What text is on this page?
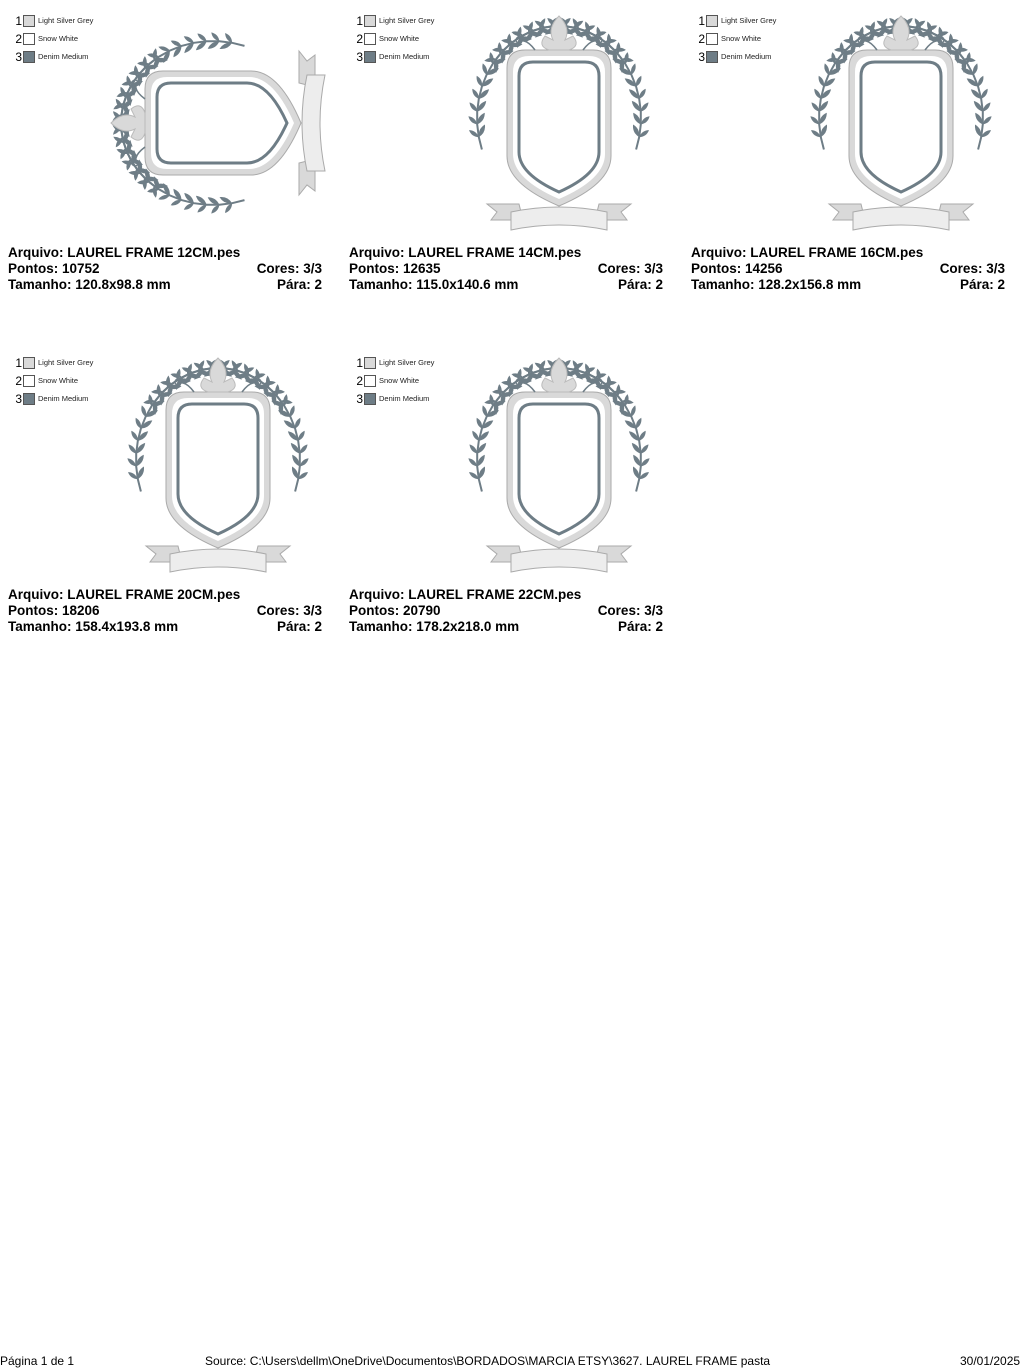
1 Light Silver Grey
2 Snow White
3 Denim Medium
Arquivo: LAUREL FRAME 12CM.pes
Pontos: 10752	Cores: 3/3
Tamanho: 120.8x98.8 mm	Pára: 2
1 Light Silver Grey
2 Snow White
3 Denim Medium
Arquivo: LAUREL FRAME 14CM.pes
Pontos: 12635	Cores: 3/3
Tamanho: 115.0x140.6 mm	Pára: 2
1 Light Silver Grey
2 Snow White
3 Denim Medium
Arquivo: LAUREL FRAME 16CM.pes
Pontos: 14256	Cores: 3/3
Tamanho: 128.2x156.8 mm	Pára: 2
1 Light Silver Grey
2 Snow White
3 Denim Medium
Arquivo: LAUREL FRAME 20CM.pes
Pontos: 18206	Cores: 3/3
Tamanho: 158.4x193.8 mm	Pára: 2
1 Light Silver Grey
2 Snow White
3 Denim Medium
Arquivo: LAUREL FRAME 22CM.pes
Pontos: 20790	Cores: 3/3
Tamanho: 178.2x218.0 mm	Pára: 2
Página 1 de 1	Source: C:\Users\dellm\OneDrive\Documentos\BORDADOS\MARCIA ETSY\3627. LAUREL FRAME pasta	30/01/2025
